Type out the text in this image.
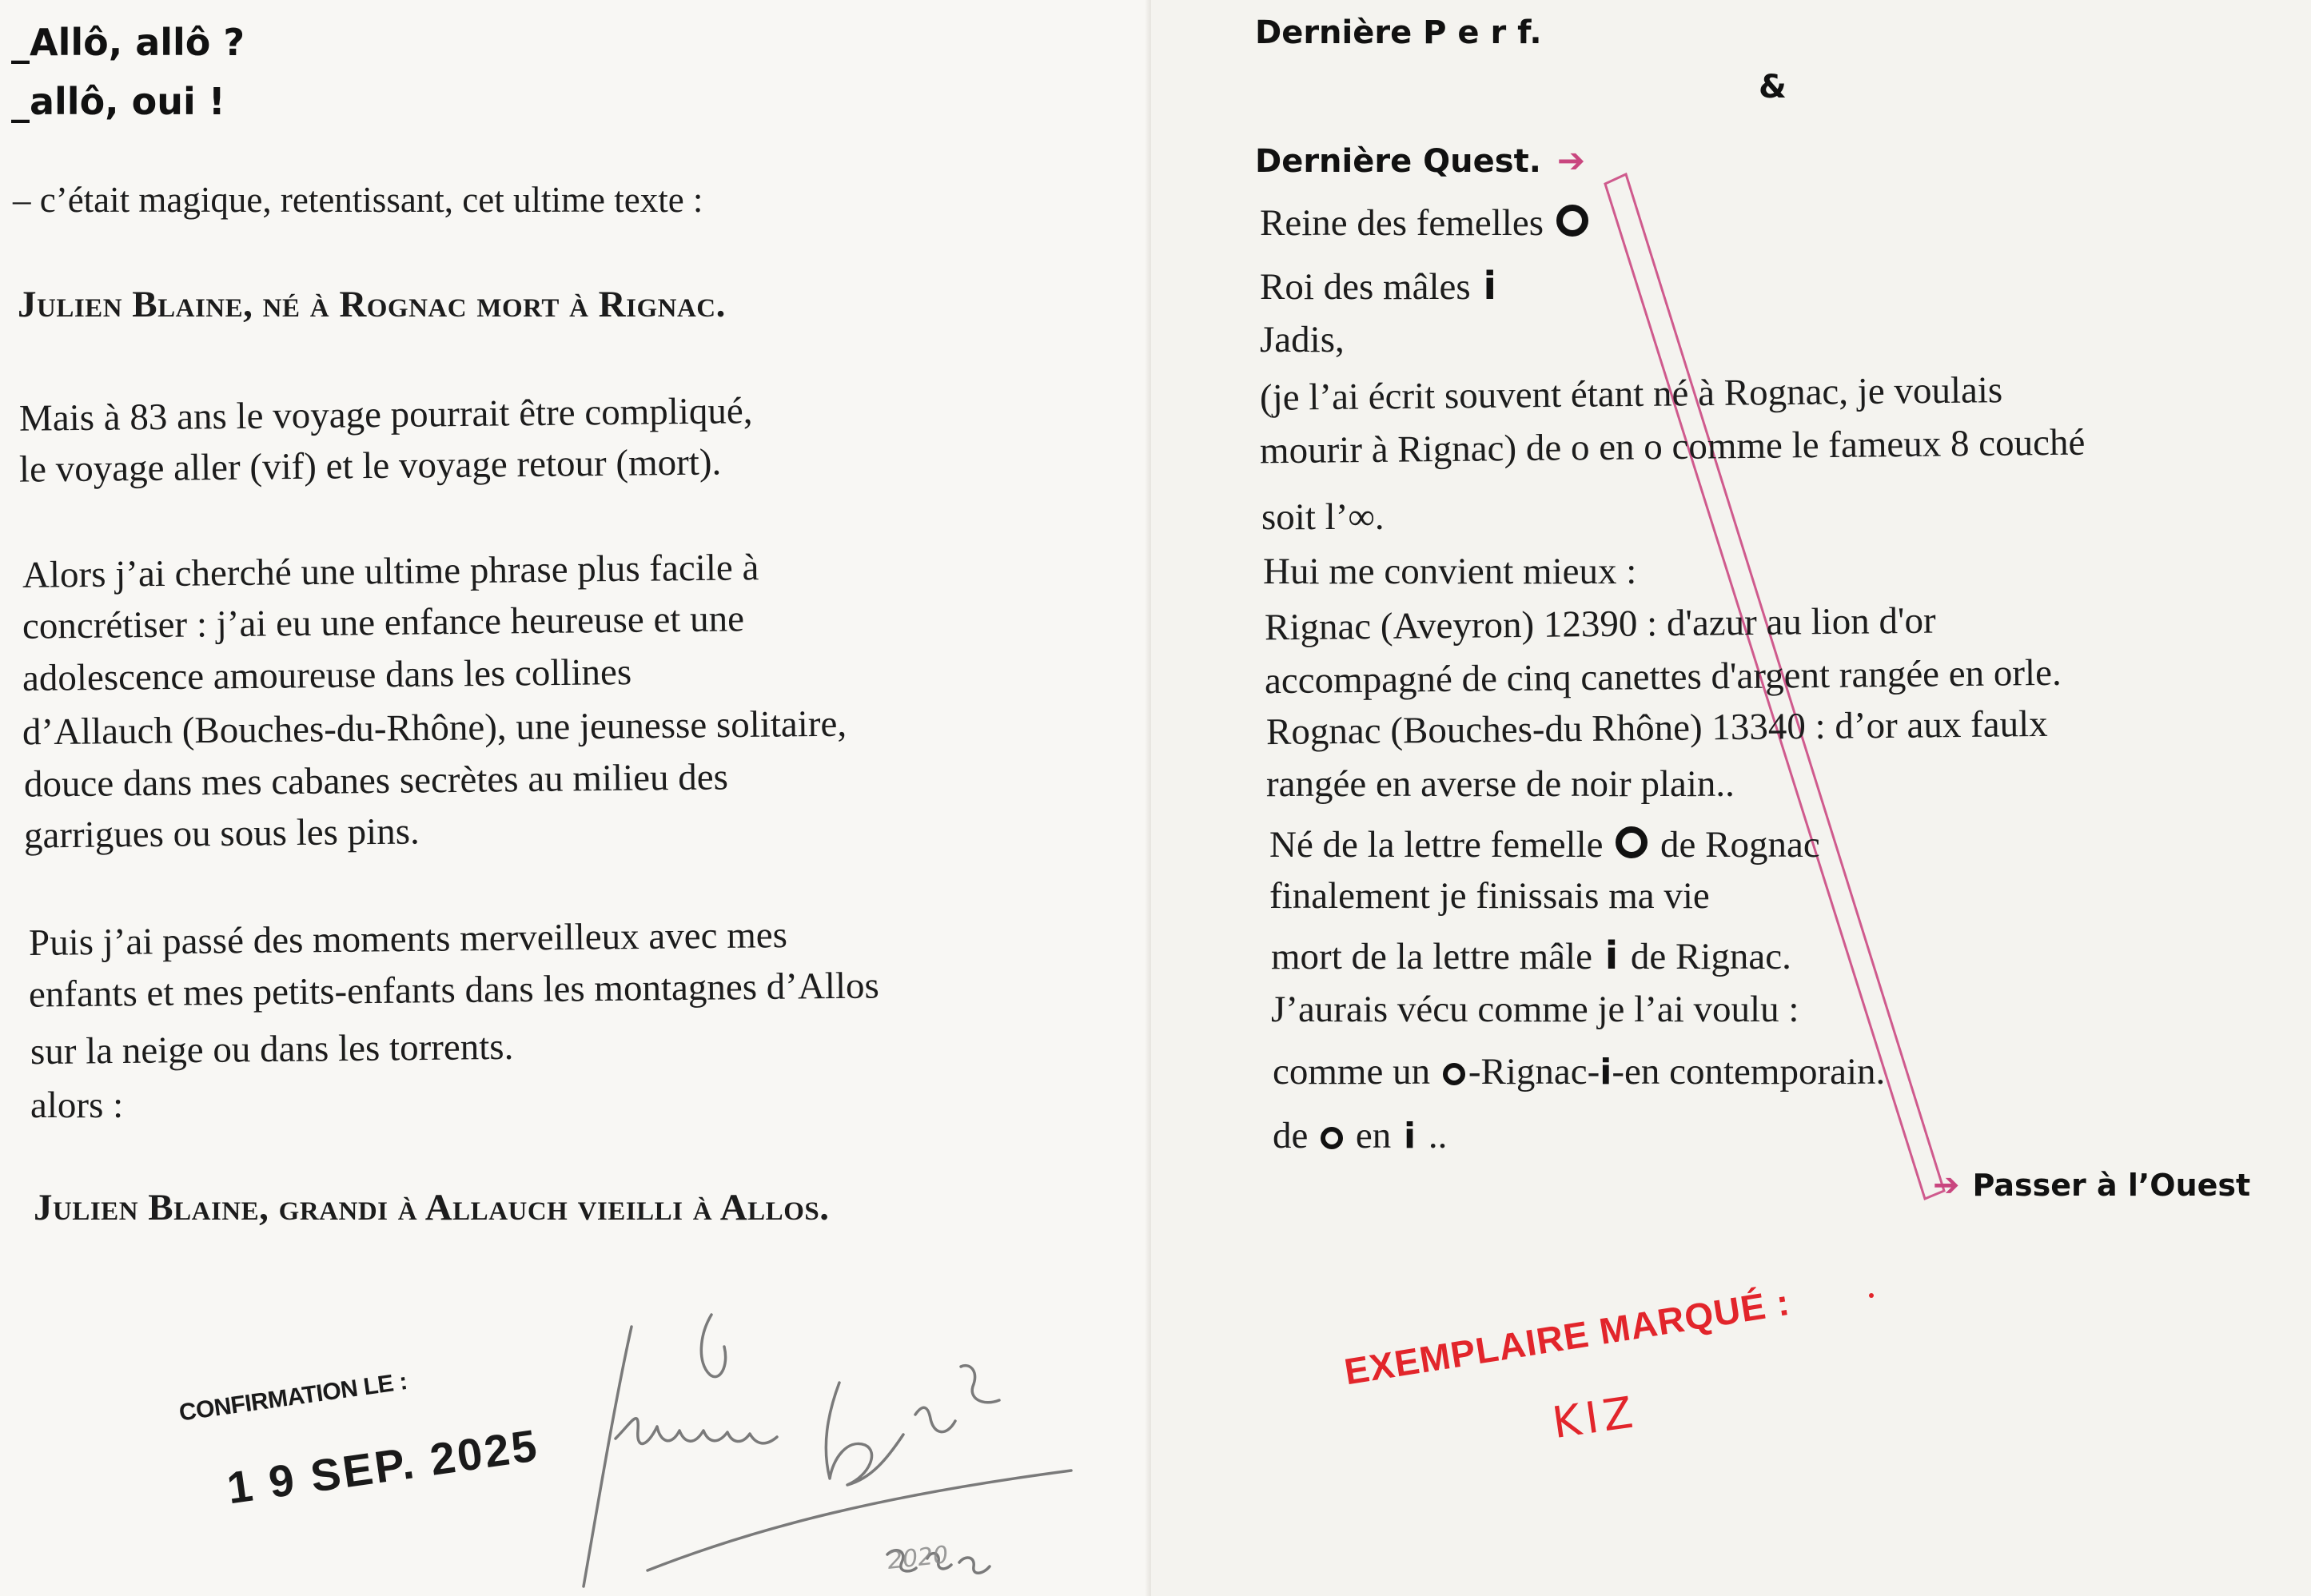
_Allô, allô ?
_allô, oui !
– c’était magique, retentissant, cet ultime texte :
Julien Blaine, né à Rognac mort à Rignac.
Mais à 83 ans le voyage pourrait être compliqué,
le voyage aller (vif) et le voyage retour (mort).
Alors j’ai cherché une ultime phrase plus facile à
concrétiser : j’ai eu une enfance heureuse et une
adolescence amoureuse dans les collines
d’Allauch (Bouches-du-Rhône), une jeunesse solitaire,
douce dans mes cabanes secrètes au milieu des
garrigues ou sous les pins.
Puis j’ai passé des moments merveilleux avec mes
enfants et mes petits-enfants dans les montagnes d’Allos
sur la neige ou dans les torrents.
alors :
Julien Blaine, grandi à Allauch vieilli à Allos.
CONFIRMATION LE :
1 9 SEP. 2025
2020
Dernière P e r f.
&
Dernière Quest. ➔
Reine des femelles
Roi des mâles i
Jadis,
(je l’ai écrit souvent étant né à Rognac, je voulais
mourir à Rignac) de o en o comme le fameux 8 couché
soit l’∞.
Hui me convient mieux :
Rignac (Aveyron) 12390 : d'azur au lion d'or
accompagné de cinq canettes d'argent rangée en orle.
Rognac (Bouches-du Rhône) 13340 : d’or aux faulx
rangée en averse de noir plain..
Né de la lettre femelle de Rognac
finalement je finissais ma vie
mort de la lettre mâle i de Rignac.
J’aurais vécu comme je l’ai voulu :
comme un -Rignac-i-en contemporain.
de en i ..
➔ Passer à l’Ouest
EXEMPLAIRE MARQUÉ :
KIZ
